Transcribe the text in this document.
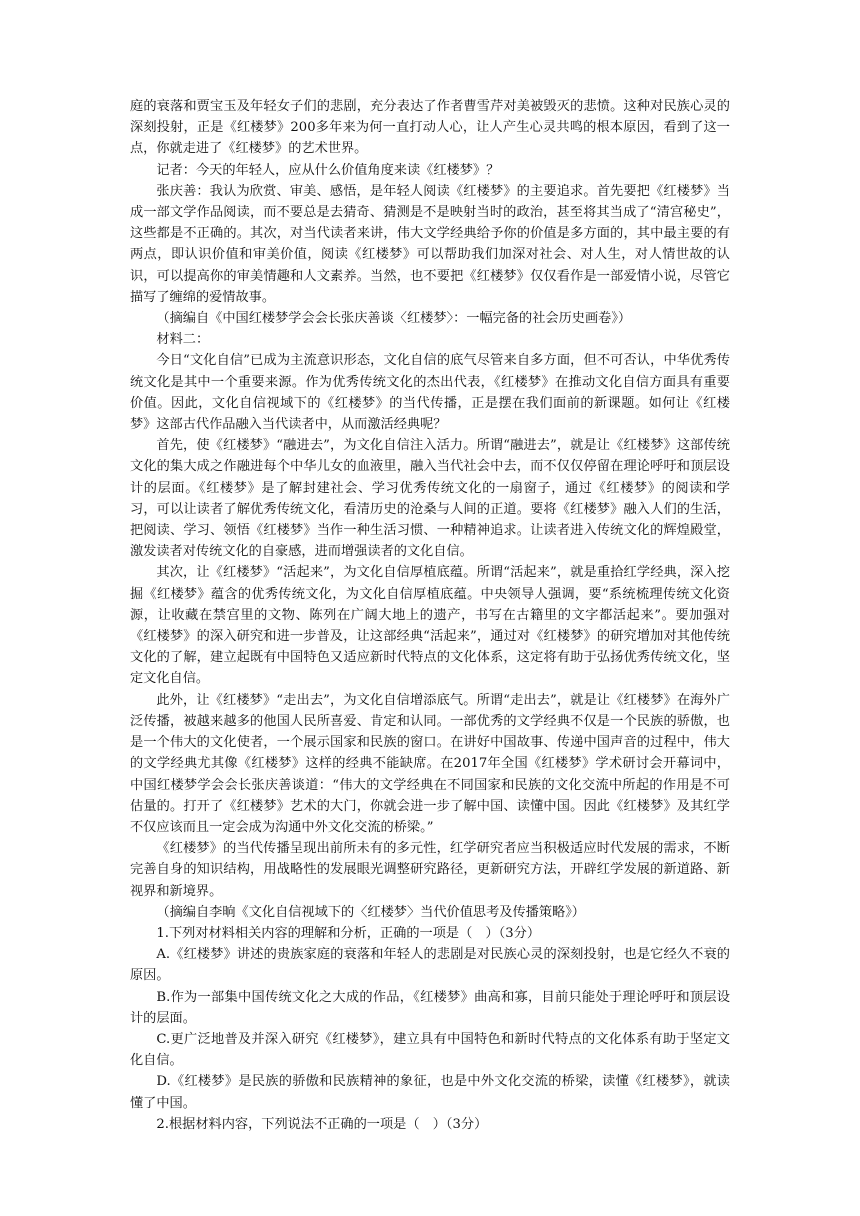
庭的衰落和贾宝玉及年轻女子们的悲剧，充分表达了作者曹雪芹对美被毁灭的悲愤。这种对民族心灵的深刻投射，正是《红楼梦》200多年来为何一直打动人心，让人产生心灵共鸣的根本原因，看到了这一点，你就走进了《红楼梦》的艺术世界。

记者：今天的年轻人，应从什么价值角度来读《红楼梦》？

张庆善：我认为欣赏、审美、感悟，是年轻人阅读《红楼梦》的主要追求。首先要把《红楼梦》当成一部文学作品阅读，而不要总是去猜奇、猜测是不是映射当时的政治，甚至将其当成了“清宫秘史”，这些都是不正确的。其次，对当代读者来讲，伟大文学经典给予你的价值是多方面的，其中最主要的有两点，即认识价值和审美价值，阅读《红楼梦》可以帮助我们加深对社会、对人生，对人情世故的认识，可以提高你的审美情趣和人文素养。当然，也不要把《红楼梦》仅仅看作是一部爱情小说，尽管它描写了缠绵的爱情故事。

（摘编自《中国红楼梦学会会长张庆善谈〈红楼梦〉：一幅完备的社会历史画卷》）

材料二：

今日“文化自信”已成为主流意识形态，文化自信的底气尽管来自多方面，但不可否认，中华优秀传统文化是其中一个重要来源。作为优秀传统文化的杰出代表，《红楼梦》在推动文化自信方面具有重要价值。因此，文化自信视域下的《红楼梦》的当代传播，正是摆在我们面前的新课题。如何让《红楼梦》这部古代作品融入当代读者中，从而激活经典呢？

首先，使《红楼梦》“融进去”，为文化自信注入活力。所谓“融进去”，就是让《红楼梦》这部传统文化的集大成之作融进每个中华儿女的血液里，融入当代社会中去，而不仅仅停留在理论呼吁和顶层设计的层面。《红楼梦》是了解封建社会、学习优秀传统文化的一扇窗子，通过《红楼梦》的阅读和学习，可以让读者了解优秀传统文化，看清历史的沧桑与人间的正道。要将《红楼梦》融入人们的生活，把阅读、学习、领悟《红楼梦》当作一种生活习惯、一种精神追求。让读者进入传统文化的辉煌殿堂，激发读者对传统文化的自豪感，进而增强读者的文化自信。

其次，让《红楼梦》“活起来”，为文化自信厚植底蕴。所谓“活起来”，就是重拾红学经典，深入挖掘《红楼梦》蕴含的优秀传统文化，为文化自信厚植底蕴。中央领导人强调，要“系统梳理传统文化资源，让收藏在禁宫里的文物、陈列在广阔大地上的遗产，书写在古籍里的文字都活起来”。要加强对《红楼梦》的深入研究和进一步普及，让这部经典“活起来”，通过对《红楼梦》的研究增加对其他传统文化的了解，建立起既有中国特色又适应新时代特点的文化体系，这定将有助于弘扬优秀传统文化，坚定文化自信。

此外，让《红楼梦》“走出去”，为文化自信增添底气。所谓“走出去”，就是让《红楼梦》在海外广泛传播，被越来越多的他国人民所喜爱、肯定和认同。一部优秀的文学经典不仅是一个民族的骄傲，也是一个伟大的文化使者，一个展示国家和民族的窗口。在讲好中国故事、传递中国声音的过程中，伟大的文学经典尤其像《红楼梦》这样的经典不能缺席。在2017年全国《红楼梦》学术研讨会开幕词中，中国红楼梦学会会长张庆善谈道：“伟大的文学经典在不同国家和民族的文化交流中所起的作用是不可估量的。打开了《红楼梦》艺术的大门，你就会进一步了解中国、读懂中国。因此《红楼梦》及其红学不仅应该而且一定会成为沟通中外文化交流的桥梁。”

《红楼梦》的当代传播呈现出前所未有的多元性，红学研究者应当积极适应时代发展的需求，不断完善自身的知识结构，用战略性的发展眼光调整研究路径，更新研究方法，开辟红学发展的新道路、新视界和新境界。

（摘编自李晌《文化自信视域下的〈红楼梦〉当代价值思考及传播策略》）

1.下列对材料相关内容的理解和分析，正确的一项是（　）（3分）

A.《红楼梦》讲述的贵族家庭的衰落和年轻人的悲剧是对民族心灵的深刻投射，也是它经久不衰的原因。

B.作为一部集中国传统文化之大成的作品，《红楼梦》曲高和寡，目前只能处于理论呼吁和顶层设计的层面。

C.更广泛地普及并深入研究《红楼梦》，建立具有中国特色和新时代特点的文化体系有助于坚定文化自信。

D.《红楼梦》是民族的骄傲和民族精神的象征，也是中外文化交流的桥梁，读懂《红楼梦》，就读懂了中国。

2.根据材料内容，下列说法不正确的一项是（　）（3分）
